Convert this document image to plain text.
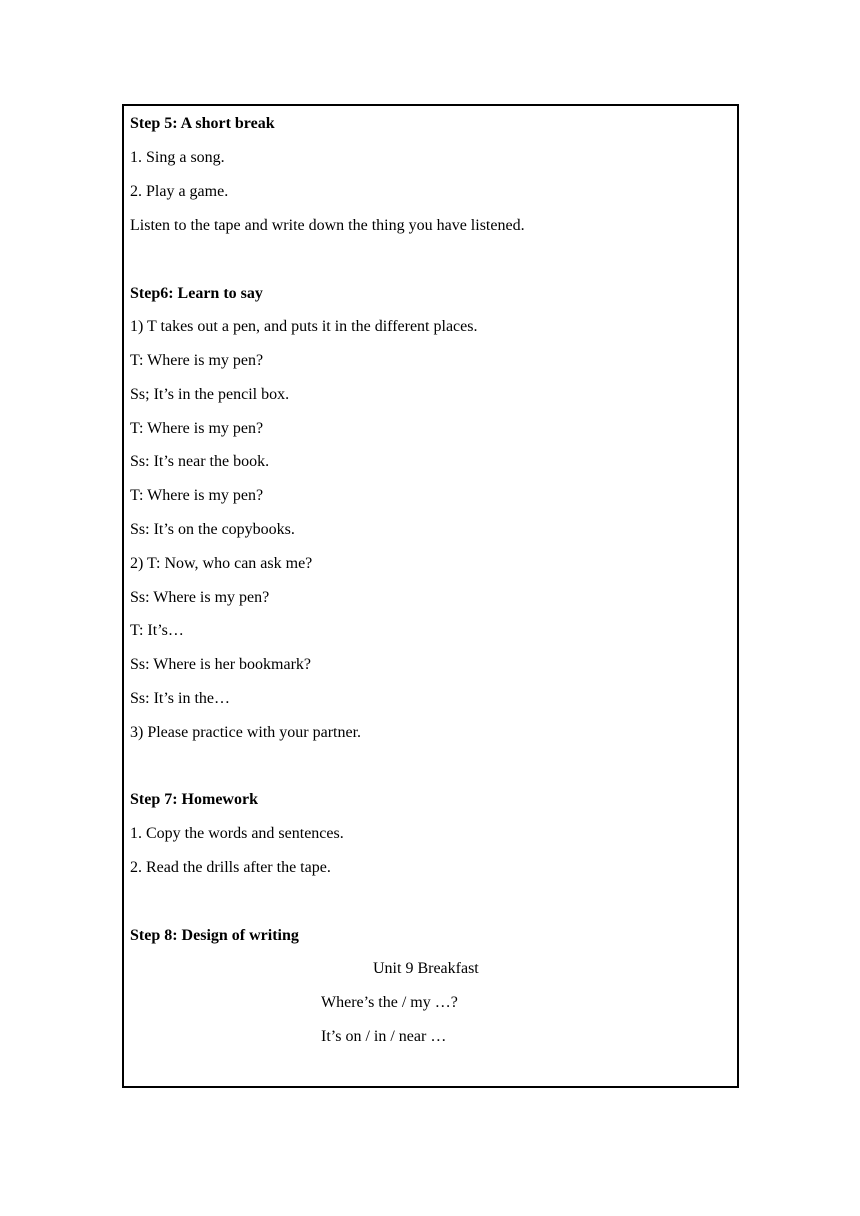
Step 5: A short break
1. Sing a song.
2. Play a game.
Listen to the tape and write down the thing you have listened.
Step6: Learn to say
1) T takes out a pen, and puts it in the different places.
T: Where is my pen?
Ss; It’s in the pencil box.
T: Where is my pen?
Ss: It’s near the book.
T: Where is my pen?
Ss: It’s on the copybooks.
2) T: Now, who can ask me?
Ss: Where is my pen?
T: It’s…
Ss: Where is her bookmark?
Ss: It’s in the…
3) Please practice with your partner.
Step 7: Homework
1. Copy the words and sentences.
2. Read the drills after the tape.
Step 8: Design of writing
Unit 9 Breakfast
Where’s the / my …?
It’s on / in / near …
